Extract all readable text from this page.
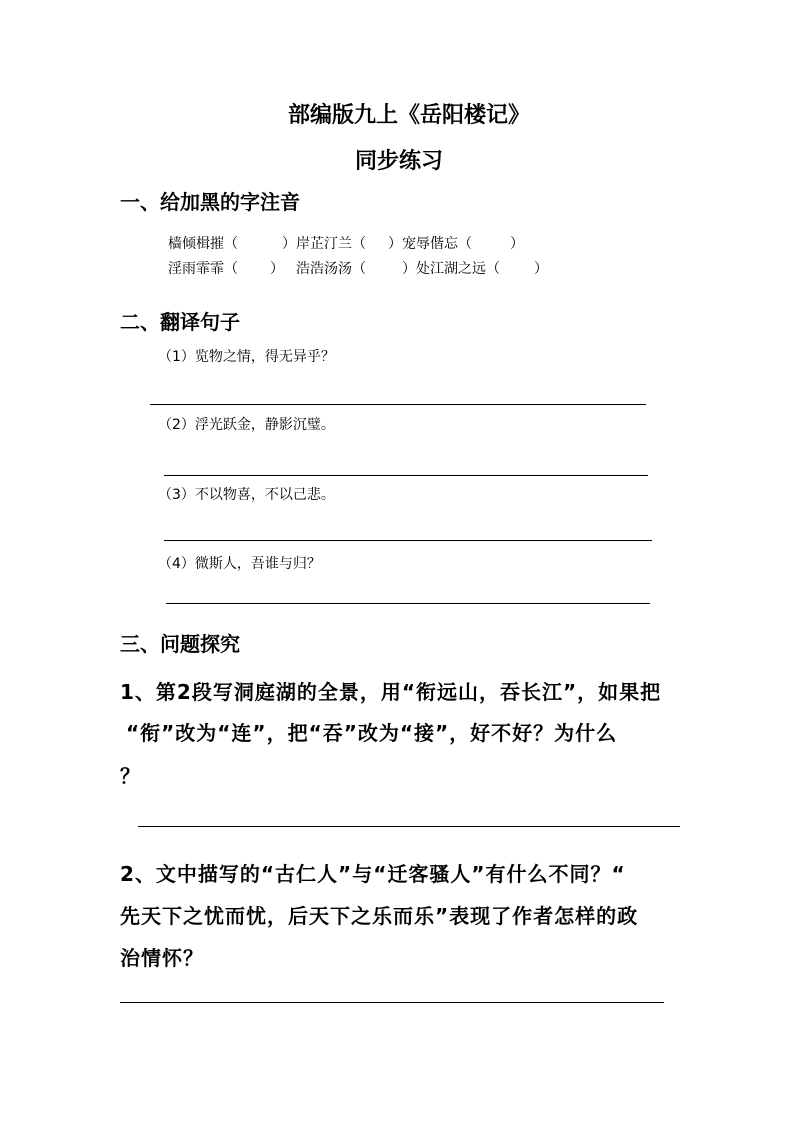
部编版九上《岳阳楼记》
同步练习
一、给加黑的字注音
樯倾楫摧（	）岸芷汀兰（ ）宠辱偕忘（	）
淫雨霏霏（ ） 浩浩汤汤（	）处江湖之远（ ）
二、翻译句子
（1）览物之情，得无异乎？
（2）浮光跃金，静影沉璧。
（3）不以物喜，不以己悲。
（4）微斯人，吾谁与归？
三、问题探究
1、第2段写洞庭湖的全景，用“衔远山，吞长江”，如果把
“衔”改为“连”，把“吞”改为“接”，好不好？为什么
？
2、文中描写的“古仁人”与“迁客骚人”有什么不同？“
先天下之忧而忧，后天下之乐而乐”表现了作者怎样的政
治情怀？
